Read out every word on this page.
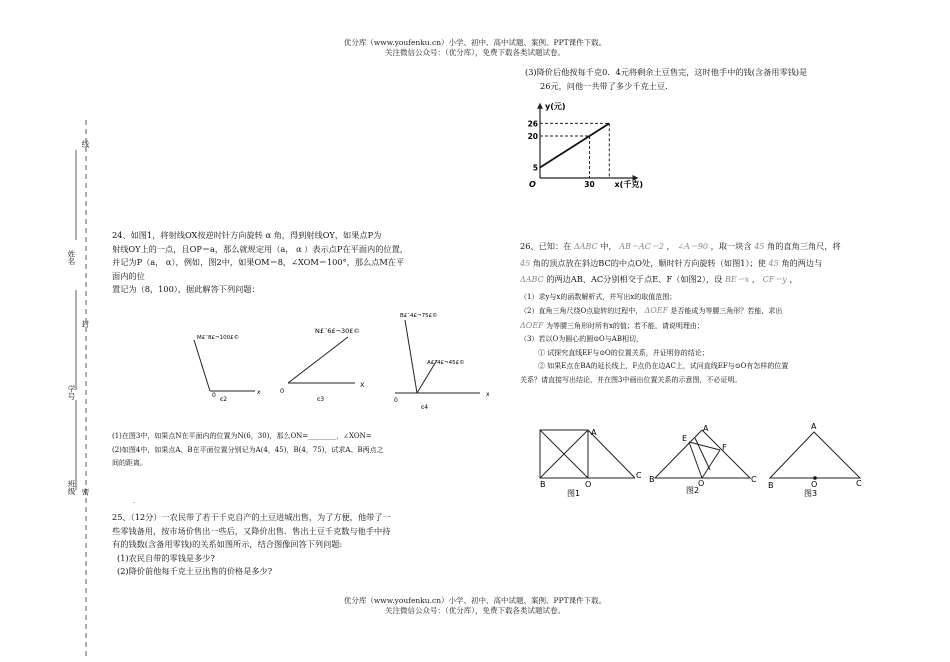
优分库（www.youfenku.cn）小学、初中、高中试题、案例、PPT课件下载。
关注微信公众号：（优分库），免费下载各类试题试卷。
优分库（www.youfenku.cn）小学、初中、高中试题、案例、PPT课件下载。
关注微信公众号：（优分库），免费下载各类试题试卷。
线
姓名
封
学号
班级 密
24、如图1，将射线OX按逆时针方向旋转 α 角，得到射线OY，如果点P为
射线OY上的一点，且OP＝a，那么就规定用（a， α ）表示点P在平面内的位置，
并记为P（a， α），例如，图2中，如果OM＝8，∠XOM＝100°，那么点M在平
面内的位
置记为（8，100），据此解答下列问题：
M£¨8£¬100£©
0	x
ͼ2
N£¨6£¬30£©
0
X
ͼ3
B£¨4£¬75£©
A£¨4£¬45£©
0
x
ͼ4
(1)在图3中，如果点N在平面内的位置为N(6，30)，那么ON=________，∠XON=
(2)如图4中，如果点A、B在平面位置分别记为A(4，45)，B(4，75)，试求A、B两点之
间的距离。
.
25、（12分）一农民带了若干千克自产的土豆进城出售，为了方便，他带了一
些零钱备用，按市场价售出一些后，又降价出售．售出土豆千克数与他手中持
有的钱数(含备用零钱)的关系如图所示，结合图像回答下列问题:
(1)农民自带的零钱是多少?
(2)降价前他每千克土豆出售的价格是多少?
(3)降价后他按每千克0．4元将剩余土豆售完，这时他手中的钱(含备用零钱)是
26元，问他一共带了多少千克土豆.
y(元)
x(千克)
O
5
20
26
30
26、已知：在 ΔABC 中， AB＝AC＝2 ， ∠A＝90 ，取一块含 45 角的直角三角尺，将
45 角的顶点放在斜边BC的中点O处，顺时针方向旋转（如图1）；使 45 角的两边与
ΔABC 的两边AB、AC分别相交于点E、F（如图2），设 BE＝x ， CF＝y ，
（1）求y与x的函数解析式，并写出x的取值范围；
（2）直角三角尺绕O点旋转的过程中， ΔOEF 是否能成为等腰三角形？若能，求出
ΔOEF 为等腰三角形时所有x的值；若不能，请说明理由；
（3）若以O为圆心的圆⊙O与AB相切，
① 试探究直线EF与⊙O的位置关系，并证明你的结论；
② 如果E点在BA的延长线上，F点仍在边AC上，试问直线EF与⊙O有怎样的位置
关系？请直接写出结论，并在图3中画出位置关系的示意图，不必证明。
A
B
C
O
图1
A
E
F
B	C
O
图2
A
B	C
O
图3
